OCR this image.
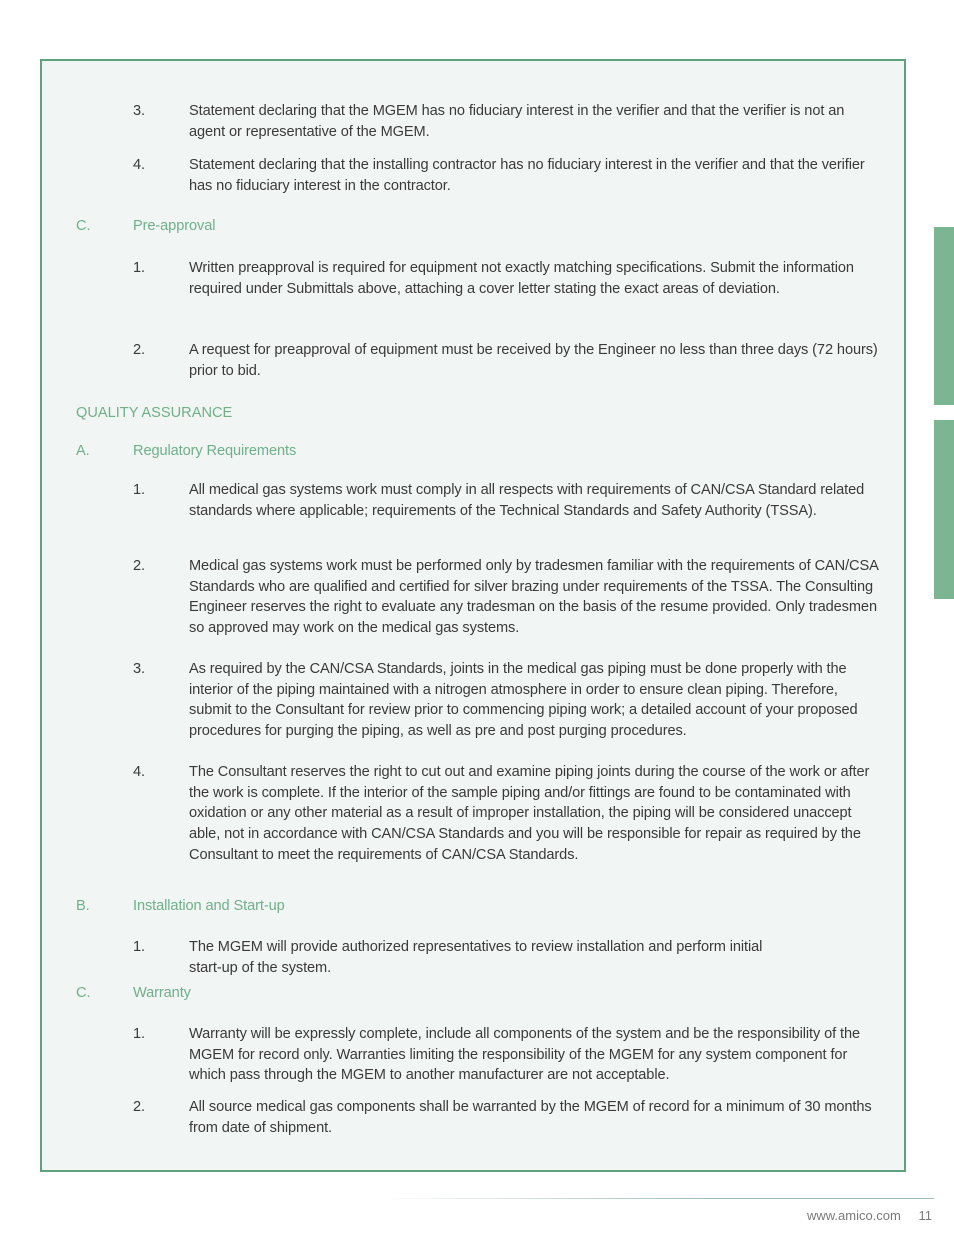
3.	Statement declaring that the MGEM has no fiduciary interest in the verifier and that the verifier is not an agent or representative of the MGEM.
4.	Statement declaring that the installing contractor has no fiduciary interest in the verifier and that the verifier has no fiduciary interest in the contractor.
C.	Pre-approval
1.	Written preapproval is required for equipment not exactly matching specifications. Submit the information required under Submittals above, attaching a cover letter stating the exact areas of deviation.
2.	A request for preapproval of equipment must be received by the Engineer no less than three days (72 hours) prior to bid.
QUALITY ASSURANCE
A.	Regulatory Requirements
1.	All medical gas systems work must comply in all respects with requirements of CAN/CSA Standard related standards where applicable; requirements of the Technical Standards and Safety Authority (TSSA).
2.	Medical gas systems work must be performed only by tradesmen familiar with the requirements of CAN/CSA Standards who are qualified and certified for silver brazing under requirements of the TSSA. The Consulting Engineer reserves the right to evaluate any tradesman on the basis of the resume provided. Only tradesmen so approved may work on the medical gas systems.
3.	As required by the CAN/CSA Standards, joints in the medical gas piping must be done properly with the interior of the piping maintained with a nitrogen atmosphere in order to ensure clean piping. Therefore, submit to the Consultant for review prior to commencing piping work; a detailed account of your proposed procedures for purging the piping, as well as pre and post purging procedures.
4.	The Consultant reserves the right to cut out and examine piping joints during the course of the work or after the work is complete. If the interior of the sample piping and/or fittings are found to be contaminated with oxidation or any other material as a result of improper installation, the piping will be considered unaccept able, not in accordance with CAN/CSA Standards and you will be responsible for repair as required by the Consultant to meet the requirements of CAN/CSA Standards.
B.	Installation and Start-up
1.	The MGEM will provide authorized representatives to review installation and perform initial start-up of the system.
C.	Warranty
1.	Warranty will be expressly complete, include all components of the system and be the responsibility of the MGEM for record only. Warranties limiting the responsibility of the MGEM for any system component for which pass through the MGEM to another manufacturer are not acceptable.
2.	All source medical gas components shall be warranted by the MGEM of record for a minimum of 30 months from date of shipment.
www.amico.com 11
